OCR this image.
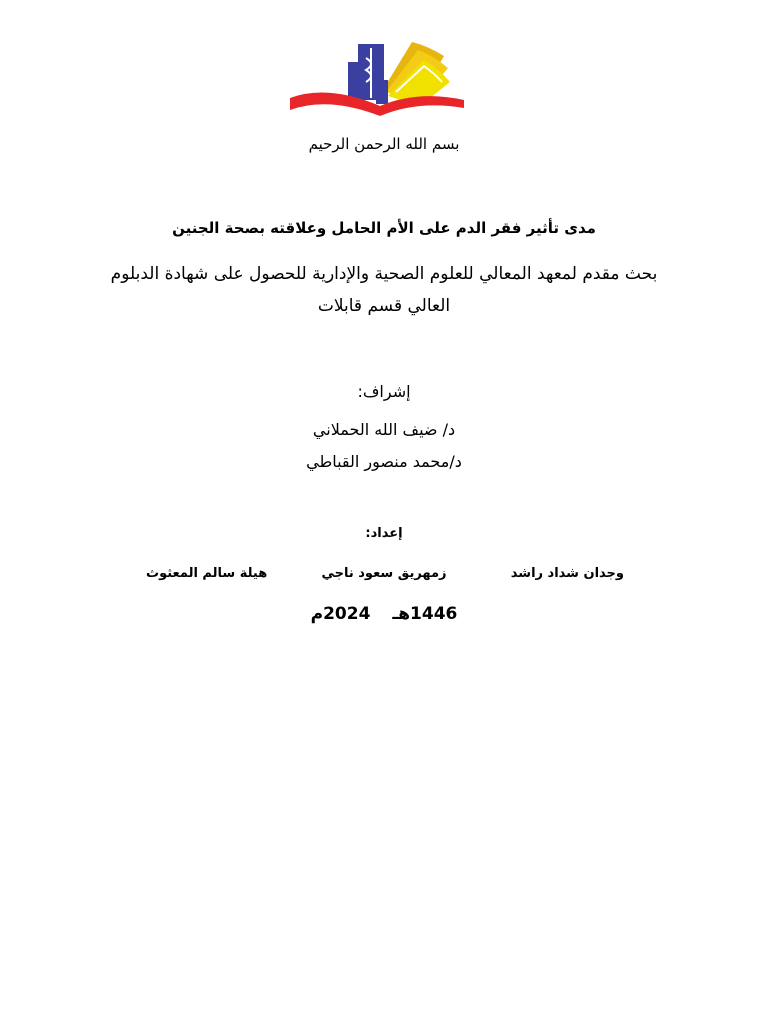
بسم الله الرحمن الرحيم
مدى تأثير فقر الدم على الأم الحامل وعلاقته بصحة الجنين
بحث مقدم لمعهد المعالي للعلوم الصحية والإدارية للحصول على شهادة الدبلوم
العالي قسم قابلات
إشراف:
د/ ضيف الله الحملاني
د/محمد منصور القباطي
إعداد:
وجدان شداد راشد
زمهريق سعود ناجي
هيلة سالم المعثوث
1446هـ2024م
